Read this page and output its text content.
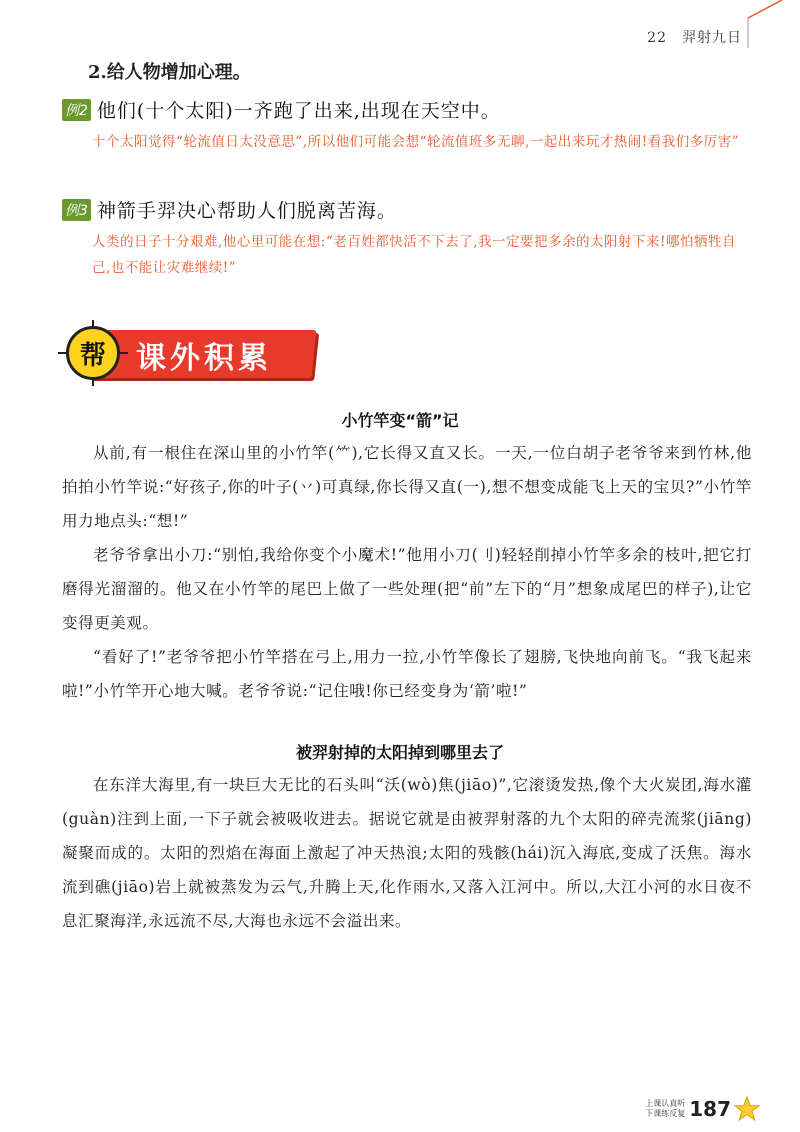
22　羿射九日
2.给人物增加心理。
例2 他们(十个太阳)一齐跑了出来,出现在天空中。
十个太阳觉得“轮流值日太没意思”,所以他们可能会想“轮流值班多无聊,一起出来玩才热闹!看我们多厉害”
例3 神箭手羿决心帮助人们脱离苦海。
人类的日子十分艰难,他心里可能在想:“老百姓都快活不下去了,我一定要把多余的太阳射下来!哪怕牺牲自己,也不能让灾难继续!”
课外积累
帮
小竹竿变“箭”记

从前,有一根住在深山里的小竹竿(⺮),它长得又直又长。一天,一位白胡子老爷爷来到竹林,他拍拍小竹竿说:“好孩子,你的叶子(丷)可真绿,你长得又直(一),想不想变成能飞上天的宝贝?”小竹竿用力地点头:“想!”

老爷爷拿出小刀:“别怕,我给你变个小魔术!”他用小刀(刂)轻轻削掉小竹竿多余的枝叶,把它打磨得光溜溜的。他又在小竹竿的尾巴上做了一些处理(把“前”左下的“月”想象成尾巴的样子),让它变得更美观。

“看好了!”老爷爷把小竹竿搭在弓上,用力一拉,小竹竿像长了翅膀,飞快地向前飞。“我飞起来啦!”小竹竿开心地大喊。老爷爷说:“记住哦!你已经变身为‘箭’啦!”

被羿射掉的太阳掉到哪里去了

在东洋大海里,有一块巨大无比的石头叫“沃(wò)焦(jiāo)”,它滚烫发热,像个大火炭团,海水灌(guàn)注到上面,一下子就会被吸收进去。据说它就是由被羿射落的九个太阳的碎壳流浆(jiāng)凝聚而成的。太阳的烈焰在海面上激起了冲天热浪;太阳的残骸(hái)沉入海底,变成了沃焦。海水流到礁(jiāo)岩上就被蒸发为云气,升腾上天,化作雨水,又落入江河中。所以,大江小河的水日夜不息汇聚海洋,永远流不尽,大海也永远不会溢出来。

上课认真听
下课练反复 187
